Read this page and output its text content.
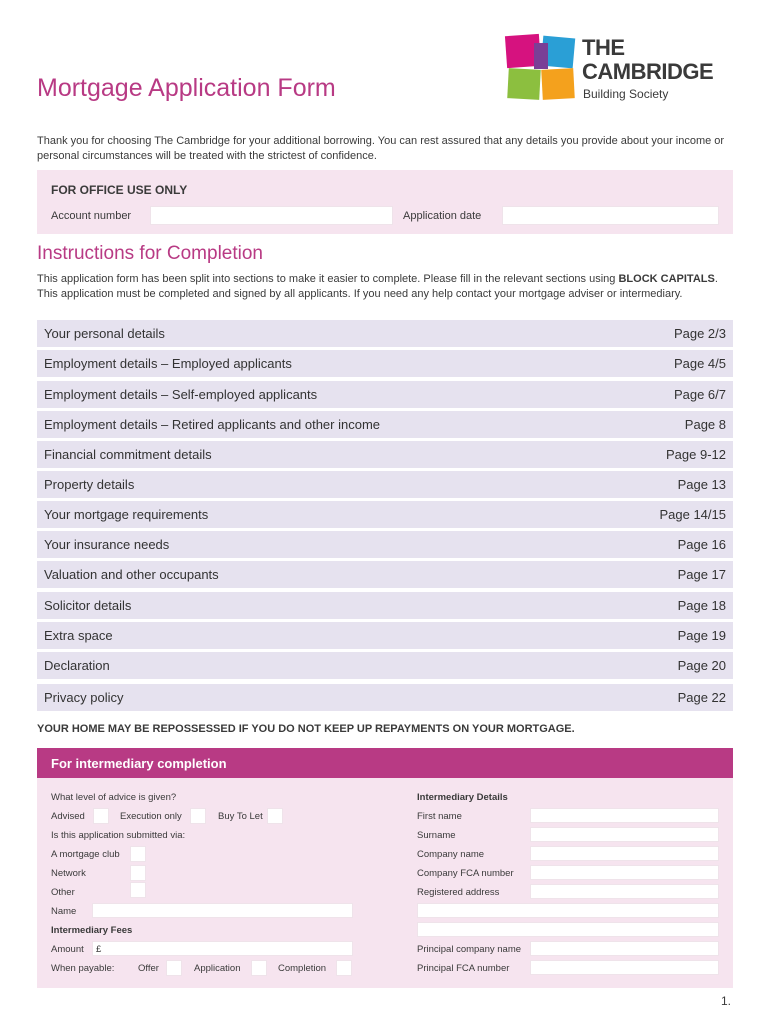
THE
CAMBRIDGE
Building Society
Mortgage Application Form

Thank you for choosing The Cambridge for your additional borrowing. You can rest assured that any details you provide about your income or personal circumstances will be treated with the strictest of confidence.

FOR OFFICE USE ONLY
Account number	Application date
Instructions for Completion

This application form has been split into sections to make it easier to complete. Please fill in the relevant sections using BLOCK CAPITALS. This application must be completed and signed by all applicants. If you need any help contact your mortgage adviser or intermediary.

Your personal details	Page 2/3
Employment details – Employed applicants	Page 4/5
Employment details – Self-employed applicants	Page 6/7
Employment details – Retired applicants and other income	Page 8
Financial commitment details	Page 9-12
Property details	Page 13
Your mortgage requirements	Page 14/15
Your insurance needs	Page 16
Valuation and other occupants	Page 17
Solicitor details	Page 18
Extra space	Page 19
Declaration	Page 20
Privacy policy	Page 22
YOUR HOME MAY BE REPOSSESSED IF YOU DO NOT KEEP UP REPAYMENTS ON YOUR MORTGAGE.
For intermediary completion
What level of advice is given?
Advised	Execution only	Buy To Let
Is this application submitted via:
A mortgage club
Network
Other
Name
Intermediary Fees
Amount £
When payable: Offer	Application	Completion
Intermediary Details
First name
Surname
Company name
Company FCA number
Registered address
Principal company name
Principal FCA number
1.
